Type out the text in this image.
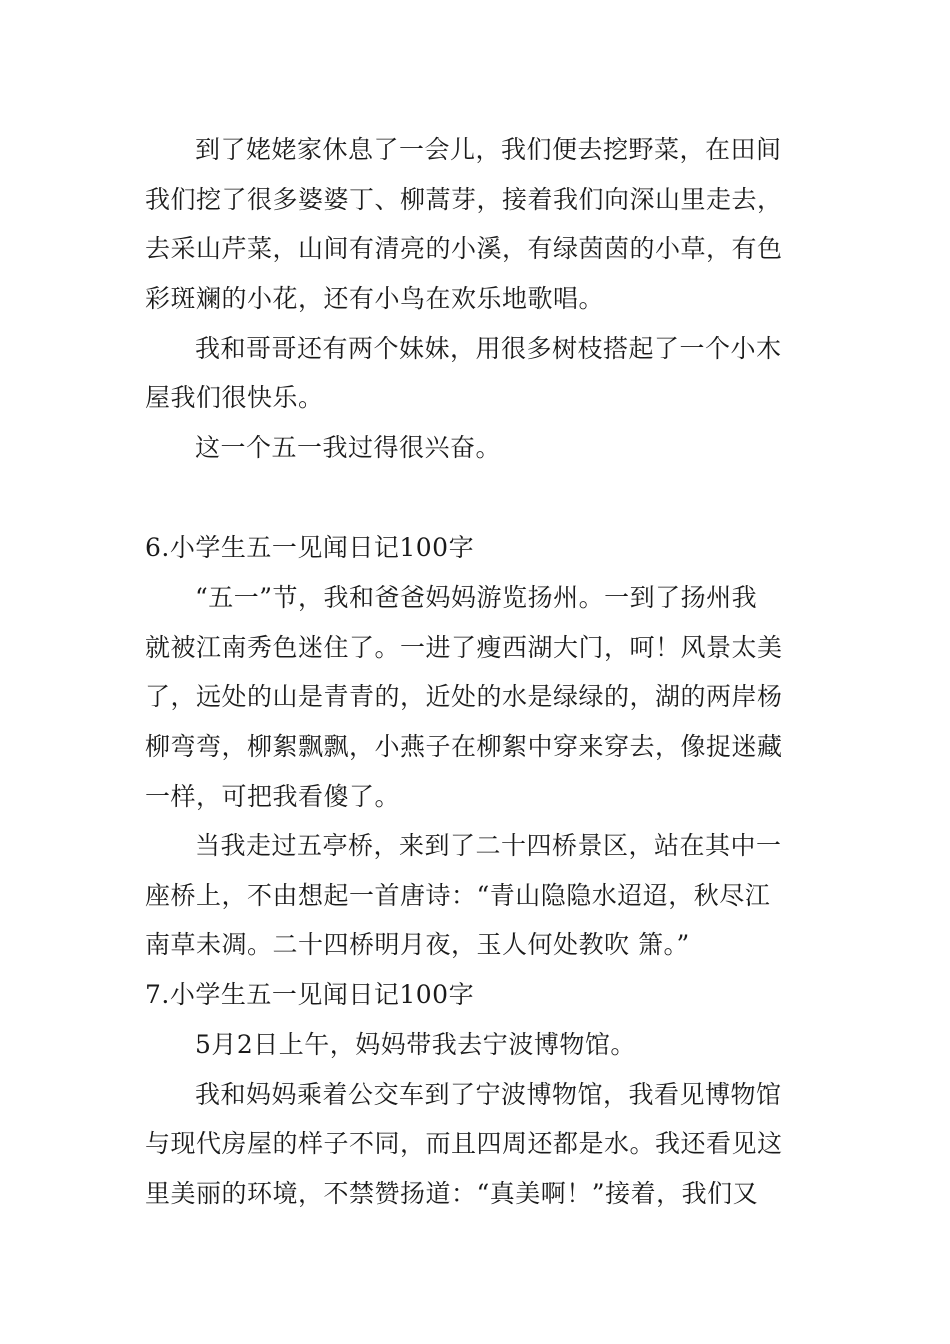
到了姥姥家休息了一会儿，我们便去挖野菜，在田间
我们挖了很多婆婆丁、柳蒿芽，接着我们向深山里走去，
去采山芹菜，山间有清亮的小溪，有绿茵茵的小草，有色
彩斑斓的小花，还有小鸟在欢乐地歌唱。
我和哥哥还有两个妹妹，用很多树枝搭起了一个小木
屋我们很快乐。
这一个五一我过得很兴奋。
6.小学生五一见闻日记100字
“五一”节，我和爸爸妈妈游览扬州。一到了扬州我
就被江南秀色迷住了。一进了瘦西湖大门，呵！风景太美
了，远处的山是青青的，近处的水是绿绿的，湖的两岸杨
柳弯弯，柳絮飘飘，小燕子在柳絮中穿来穿去，像捉迷藏
一样，可把我看傻了。
当我走过五亭桥，来到了二十四桥景区，站在其中一
座桥上，不由想起一首唐诗：“青山隐隐水迢迢，秋尽江
南草未凋。二十四桥明月夜，玉人何处教吹 箫。”
7.小学生五一见闻日记100字
5月2日上午，妈妈带我去宁波博物馆。
我和妈妈乘着公交车到了宁波博物馆，我看见博物馆
与现代房屋的样子不同，而且四周还都是水。我还看见这
里美丽的环境，不禁赞扬道：“真美啊！”接着，我们又
